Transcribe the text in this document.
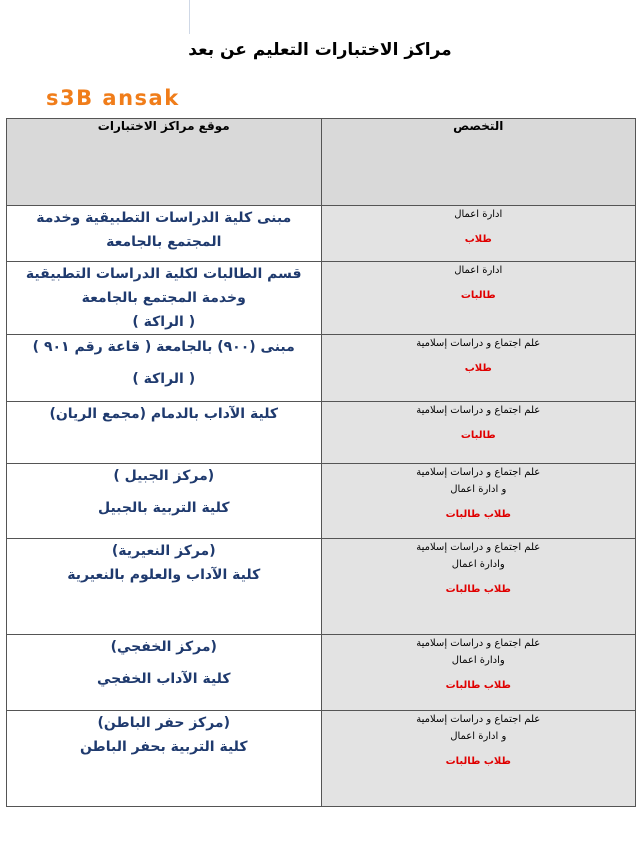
مراكز الاختبارات التعليم عن بعد
s3B ansak
موقع مراكز الاختبارات	التخصص

مبنى كلية الدراسات التطبيقية وخدمة المجتمع بالجامعة	ادارة اعمال
طلاب

قسم الطالبات لكلية الدراسات التطبيقية وخدمة المجتمع بالجامعة
( الراكة )	ادارة اعمال
طالبات

مبنى (٩٠٠) بالجامعة ( قاعة رقم ٩٠١ )
( الراكة )	علم اجتماع و دراسات إسلامية
طلاب

كلية الآداب بالدمام (مجمع الريان)	علم اجتماع و دراسات إسلامية
طالبات

(مركز الجبيل )
كلية التربية بالجبيل	علم اجتماع و دراسات إسلامية
و ادارة اعمال
طلاب طالبات

(مركز النعيرية)
كلية الآداب والعلوم بالنعيرية	علم اجتماع و دراسات إسلامية
وادارة اعمال
طلاب طالبات

(مركز الخفجي)
كلية الآداب الخفجي	علم اجتماع و دراسات إسلامية
وادارة اعمال
طلاب طالبات

(مركز حفر الباطن)
كلية التربية بحفر الباطن	علم اجتماع و دراسات إسلامية
و ادارة اعمال
طلاب طالبات
